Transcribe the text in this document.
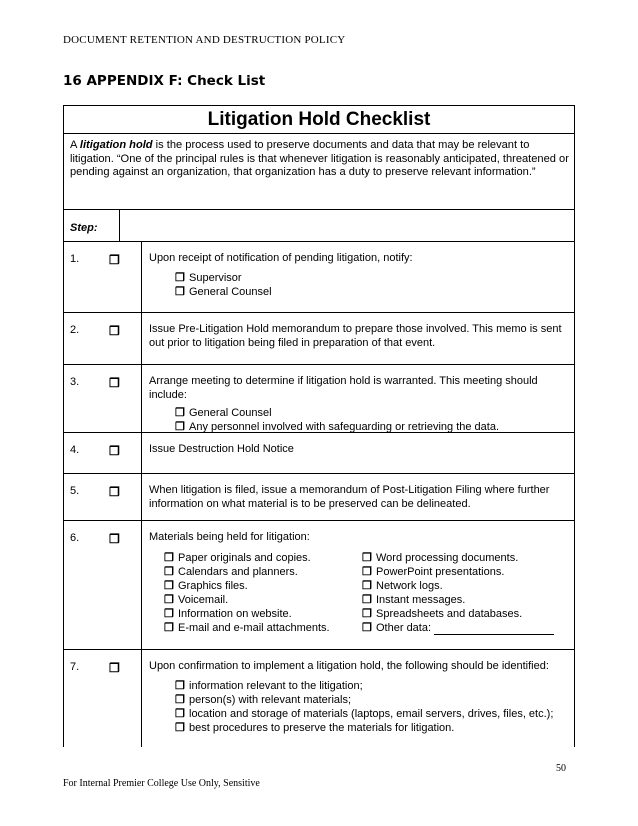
DOCUMENT RETENTION AND DESTRUCTION POLICY
16 APPENDIX F: Check List
Litigation Hold Checklist
A litigation hold is the process used to preserve documents and data that may be relevant to litigation. “One of the principal rules is that whenever litigation is reasonably anticipated, threatened or pending against an organization, that organization has a duty to preserve relevant information.”
Step:
1.	❒	Upon receipt of notification of pending litigation, notify:
❒ Supervisor
❒ General Counsel
2.	❒	Issue Pre-Litigation Hold memorandum to prepare those involved. This memo is sent out prior to litigation being filed in preparation of that event.
3.	❒	Arrange meeting to determine if litigation hold is warranted. This meeting should include:
❒ General Counsel
❒ Any personnel involved with safeguarding or retrieving the data.
4.	❒	Issue Destruction Hold Notice
5.	❒	When litigation is filed, issue a memorandum of Post-Litigation Filing where further information on what material is to be preserved can be delineated.
6.	❒	Materials being held for litigation:
❒ Paper originals and copies.
❒ Calendars and planners.
❒ Graphics files.
❒ Voicemail.
❒ Information on website.
❒ E-mail and e-mail attachments.
❒ Word processing documents.
❒ PowerPoint presentations.
❒ Network logs.
❒ Instant messages.
❒ Spreadsheets and databases.
❒ Other data:
7.	❒	Upon confirmation to implement a litigation hold, the following should be identified:
❒ information relevant to the litigation;
❒ person(s) with relevant materials;
❒ location and storage of materials (laptops, email servers, drives, files, etc.);
❒ best procedures to preserve the materials for litigation.
50
For Internal Premier College Use Only, Sensitive
